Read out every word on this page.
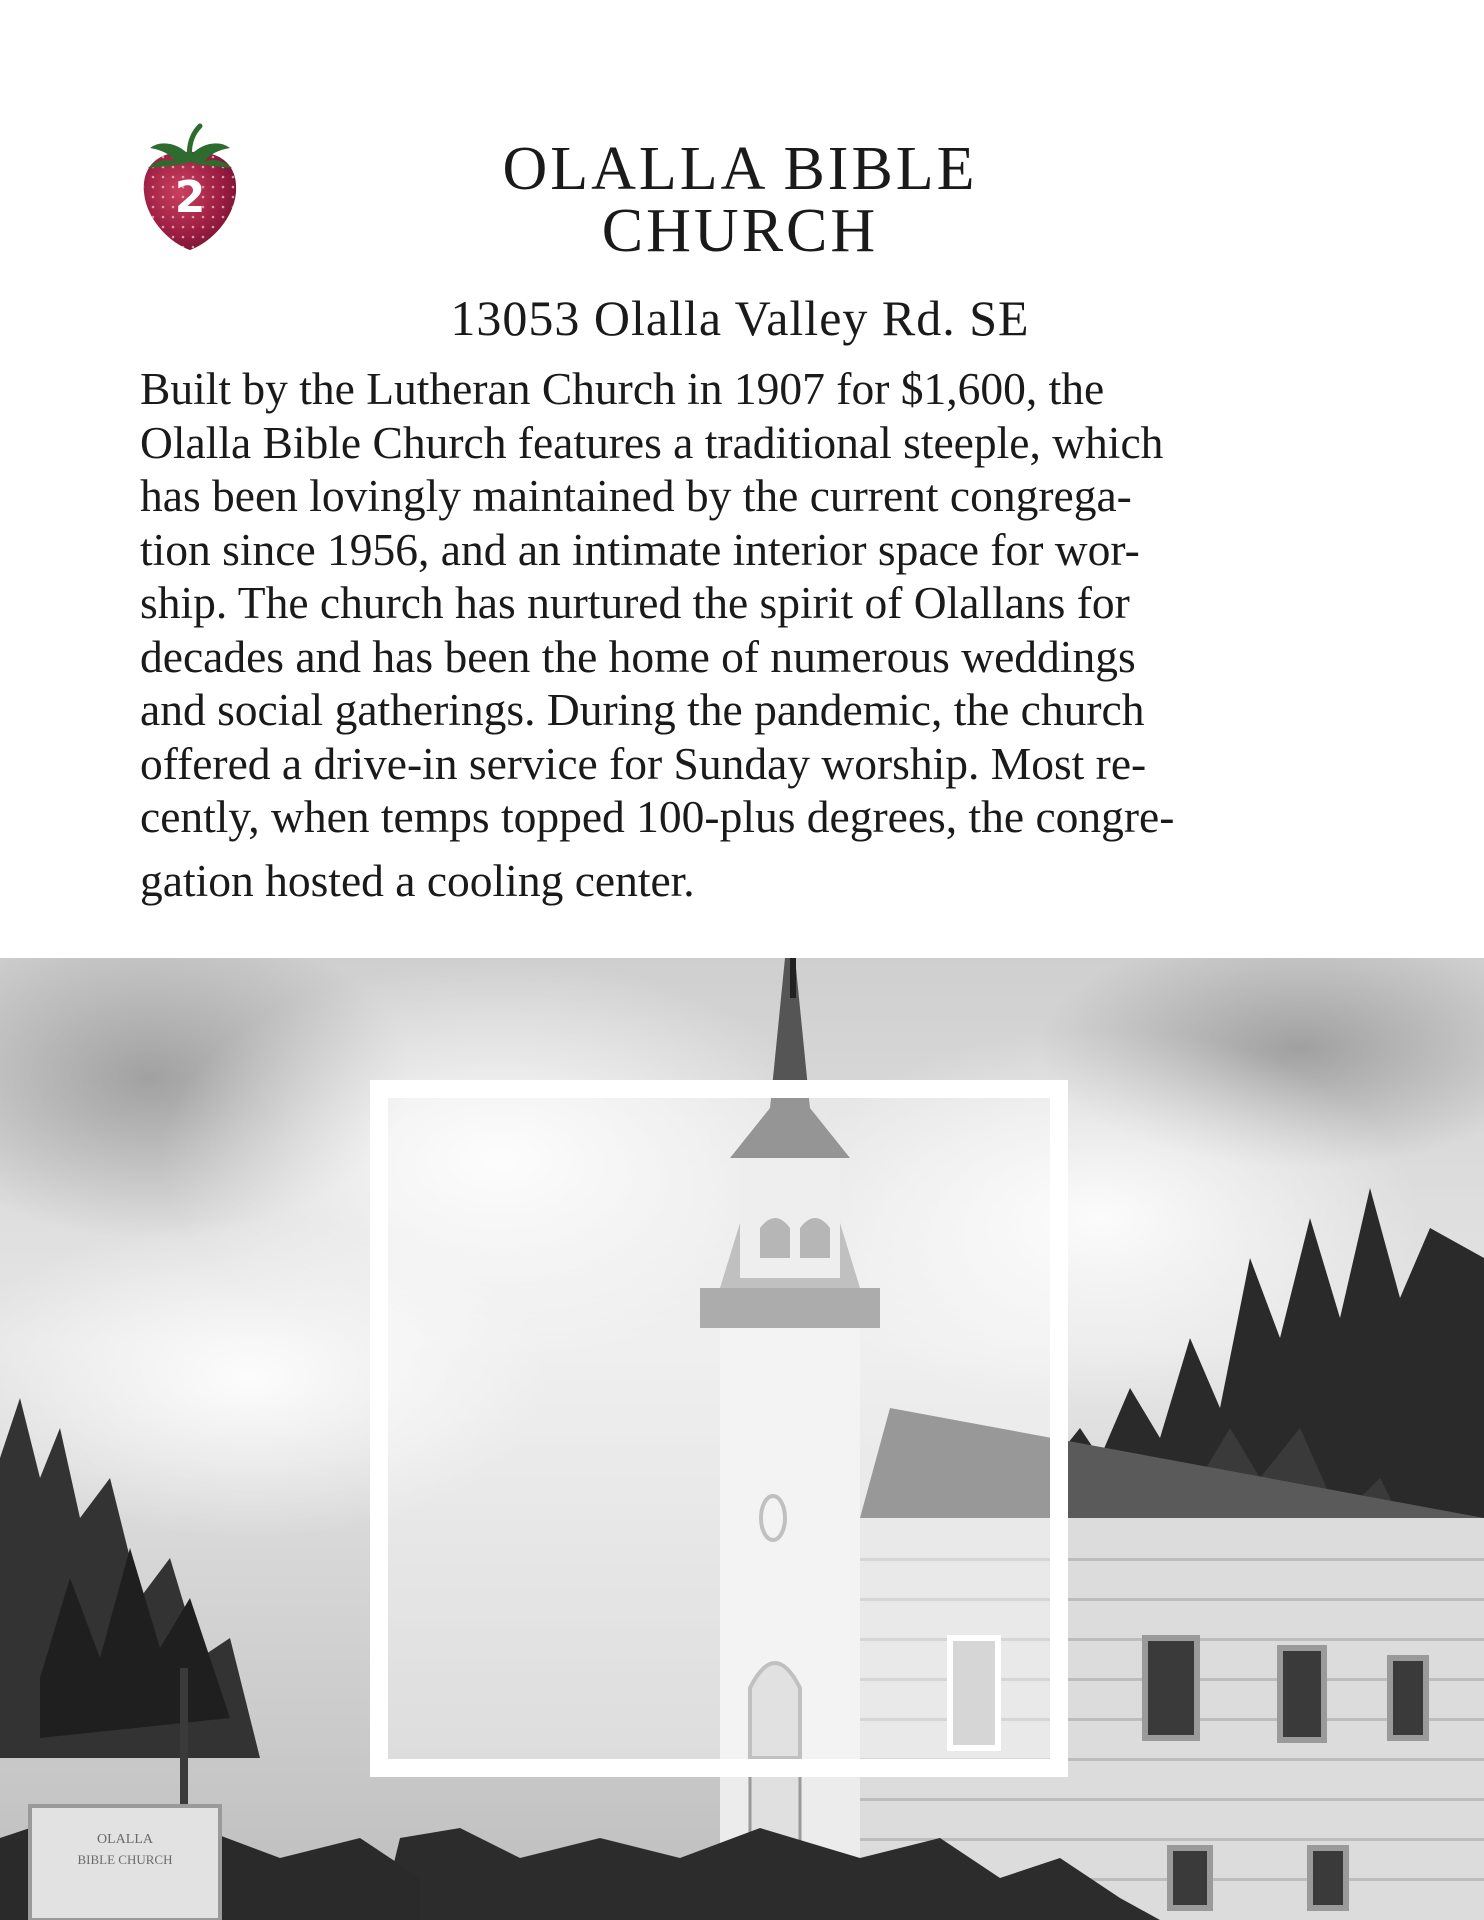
2	OLALLA BIBLE
CHURCH
13053 Olalla Valley Rd. SE
Built by the Lutheran Church in 1907 for $1,600, the
Olalla Bible Church features a traditional steeple, which
has been lovingly maintained by the current congrega-
tion since 1956, and an intimate interior space for wor-
ship. The church has nurtured the spirit of Olallans for
decades and has been the home of numerous weddings
and social gatherings. During the pandemic, the church
offered a drive-in service for Sunday worship. Most re-
cently, when temps topped 100-plus degrees, the congre-
gation hosted a cooling center.
OLALLA
BIBLE CHURCH
